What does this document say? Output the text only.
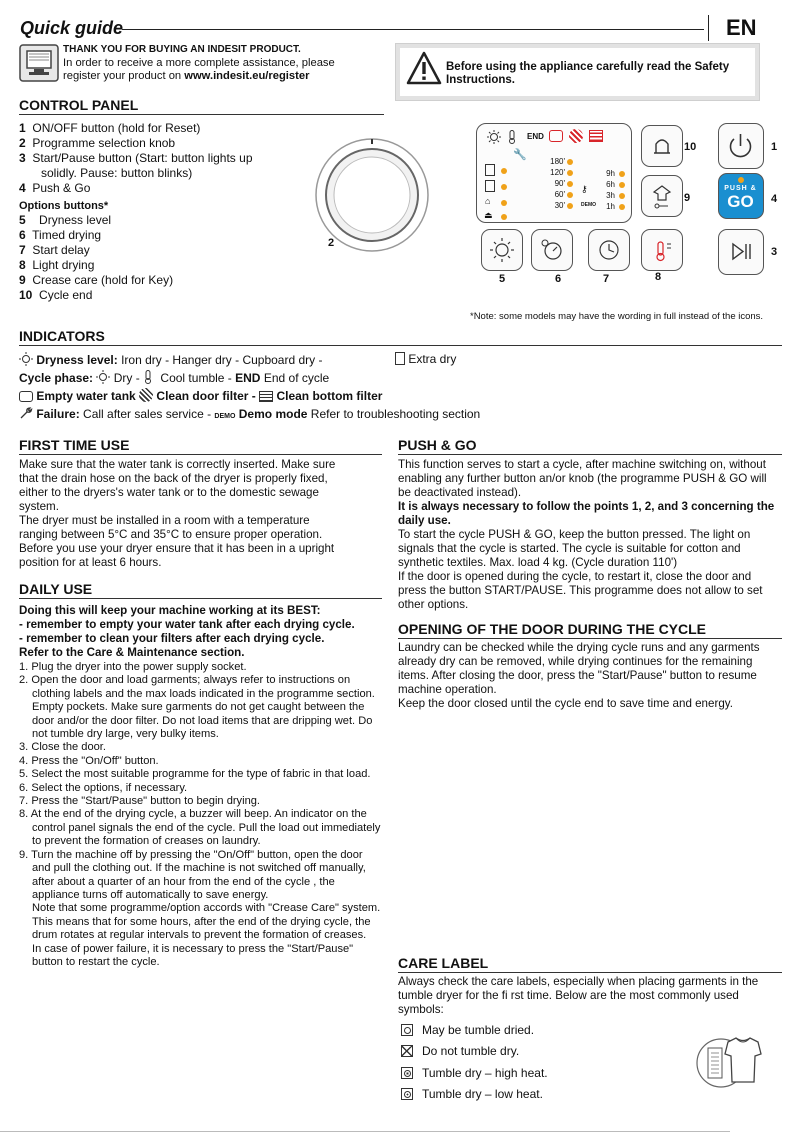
Quick guide	EN
THANK YOU FOR BUYING AN INDESIT PRODUCT.
In order to receive a more complete assistance, please
register your product on www.indesit.eu/register
Before using the appliance carefully read the Safety
Instructions.
CONTROL PANEL
1 ON/OFF button (hold for Reset)
2 Programme selection knob
3 Start/Pause button (Start: button lights up
solidly. Pause: button blinks)
4 Push & Go
Options buttons*
5 Dryness level
6 Timed drying
7 Start delay
8 Light drying
9 Crease care (hold for Key)
10 Cycle end
2
END
🔧
⌂
⏏
180'
120'
90'
60'
30'
⚷
DEMO
9h
6h
3h
1h
10	1
9
PUSH &
GO	4
3
5	6	7	8
*Note: some models may have the wording in full instead of the icons.
INDICATORS
Dryness level: Iron dry - Hanger dry - Cupboard dry -	Extra dry
Cycle phase: Dry - Cool tumble - END End of cycle
Empty water tank Clean door filter - Clean bottom filter
Failure: Call after sales service - DEMO Demo mode Refer to troubleshooting section
FIRST TIME USE
Make sure that the water tank is correctly inserted. Make sure
that the drain hose on the back of the dryer is properly fixed,
either to the dryers's water tank or to the domestic sewage
system.
The dryer must be installed in a room with a temperature
ranging between 5°C and 35°C to ensure proper operation.
Before you use your dryer ensure that it has been in a upright
position for at least 6 hours.
DAILY USE
Doing this will keep your machine working at its BEST:
- remember to empty your water tank after each drying cycle.
- remember to clean your filters after each drying cycle.
Refer to the Care & Maintenance section.
1. Plug the dryer into the power supply socket.
2. Open the door and load garments; always refer to instructions on clothing labels and the max loads indicated in the programme section. Empty pockets. Make sure garments do not get caught between the door and/or the door filter. Do not load items that are dripping wet. Do not tumble dry large, very bulky items.
3. Close the door.
4. Press the "On/Off" button.
5. Select the most suitable programme for the type of fabric in that load.
6. Select the options, if necessary.
7. Press the "Start/Pause" button to begin drying.
8. At the end of the drying cycle, a buzzer will beep. An indicator on the control panel signals the end of the cycle. Pull the load out immediately to prevent the formation of creases on laundry.
9. Turn the machine off by pressing the "On/Off" button, open the door and pull the clothing out. If the machine is not switched off manually, after about a quarter of an hour from the end of the cycle , the appliance turns off automatically to save energy.
Note that some programme/option accords with "Crease Care" system. This means that for some hours, after the end of the drying cycle, the drum rotates at regular intervals to prevent the formation of creases.
In case of power failure, it is necessary to press the "Start/Pause" button to restart the cycle.
PUSH & GO
This function serves to start a cycle, after machine switching on, without enabling any further button an/or knob (the programme PUSH & GO will be deactivated instead).
It is always necessary to follow the points 1, 2, and 3 concerning the daily use.
To start the cycle PUSH & GO, keep the button pressed. The light on signals that the cycle is started. The cycle is suitable for cotton and synthetic textiles. Max. load 4 kg. (Cycle duration 110')
If the door is opened during the cycle, to restart it, close the door and press the button START/PAUSE. This programme does not allow to set other options.
OPENING OF THE DOOR DURING THE CYCLE
Laundry can be checked while the drying cycle runs and any garments already dry can be removed, while drying continues for the remaining items. After closing the door, press the "Start/Pause" button to resume machine operation.
Keep the door closed until the cycle end to save time and energy.
CARE LABEL
Always check the care labels, especially when placing garments in the tumble dryer for the fi rst time. Below are the most commonly used symbols:
May be tumble dried.
Do not tumble dry.
Tumble dry – high heat.
Tumble dry – low heat.
